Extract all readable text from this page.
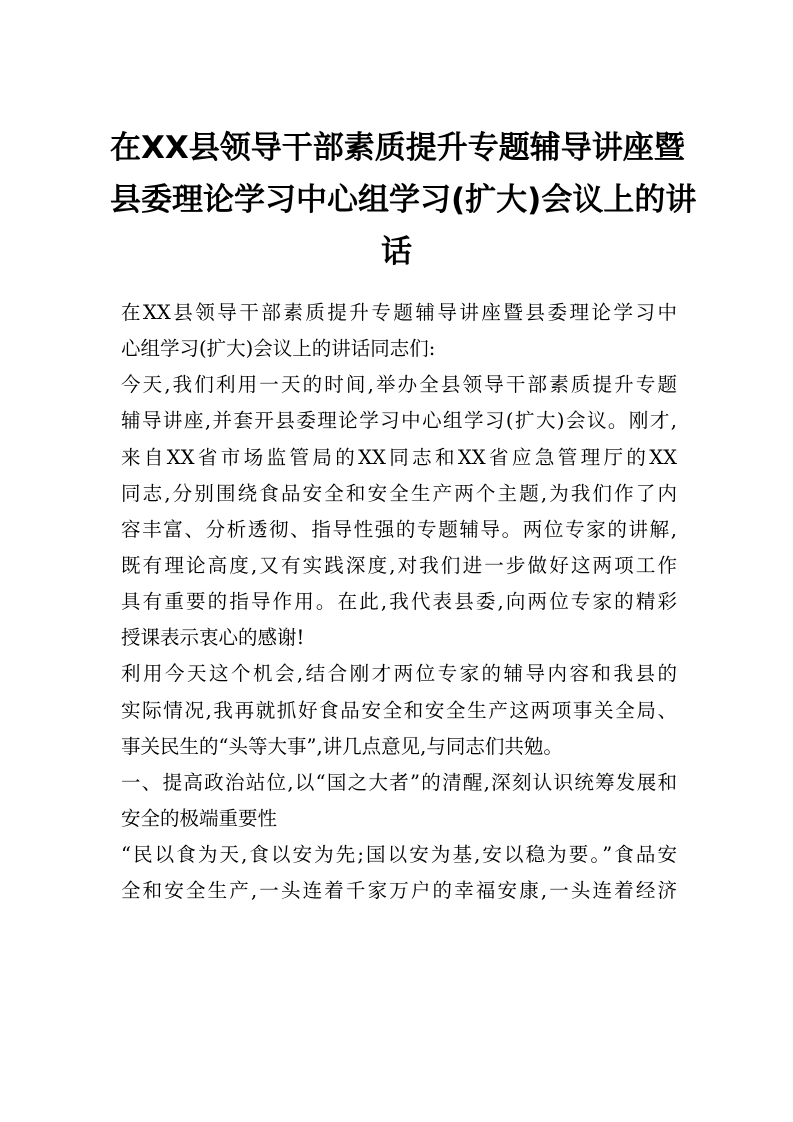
在XX县领导干部素质提升专题辅导讲座暨
县委理论学习中心组学习(扩大)会议上的讲
话
在XX县领导干部素质提升专题辅导讲座暨县委理论学习中
心组学习(扩大)会议上的讲话同志们:
今天,我们利用一天的时间,举办全县领导干部素质提升专题
辅导讲座,并套开县委理论学习中心组学习(扩大)会议。刚才,
来自XX省市场监管局的XX同志和XX省应急管理厅的XX
同志,分别围绕食品安全和安全生产两个主题,为我们作了内
容丰富、分析透彻、指导性强的专题辅导。两位专家的讲解,
既有理论高度,又有实践深度,对我们进一步做好这两项工作
具有重要的指导作用。在此,我代表县委,向两位专家的精彩
授课表示衷心的感谢!
利用今天这个机会,结合刚才两位专家的辅导内容和我县的
实际情况,我再就抓好食品安全和安全生产这两项事关全局、
事关民生的“头等大事”,讲几点意见,与同志们共勉。
一、提高政治站位,以“国之大者”的清醒,深刻认识统筹发展和
安全的极端重要性
“民以食为天,食以安为先;国以安为基,安以稳为要。”食品安
全和安全生产,一头连着千家万户的幸福安康,一头连着经济
